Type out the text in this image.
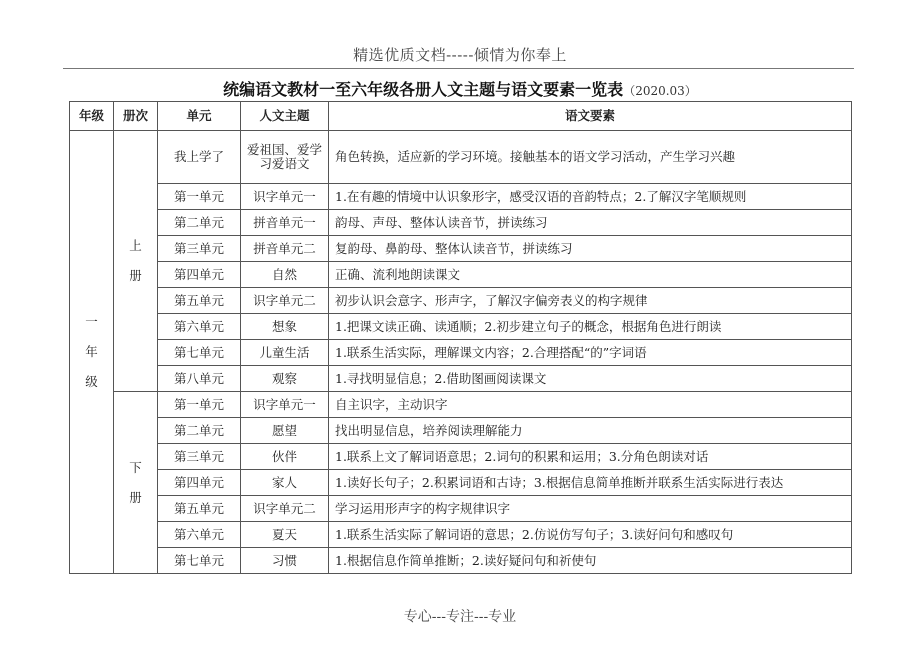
精选优质文档-----倾情为你奉上
统编语文教材一至六年级各册人文主题与语文要素一览表（2020.03）
年级	册次	单元	人文主题	语文要素
一年级	上册	我上学了	爱祖国、爱学习爱语文	角色转换，适应新的学习环境。接触基本的语文学习活动，产生学习兴趣
		第一单元	识字单元一	1.在有趣的情境中认识象形字，感受汉语的音韵特点；2.了解汉字笔顺规则
		第二单元	拼音单元一	韵母、声母、整体认读音节，拼读练习
		第三单元	拼音单元二	复韵母、鼻韵母、整体认读音节，拼读练习
		第四单元	自然	正确、流利地朗读课文
		第五单元	识字单元二	初步认识会意字、形声字，了解汉字偏旁表义的构字规律
		第六单元	想象	1.把课文读正确、读通顺；2.初步建立句子的概念，根据角色进行朗读
		第七单元	儿童生活	1.联系生活实际，理解课文内容；2.合理搭配“的”字词语
		第八单元	观察	1.寻找明显信息；2.借助图画阅读课文
	下册	第一单元	识字单元一	自主识字，主动识字
		第二单元	愿望	找出明显信息，培养阅读理解能力
		第三单元	伙伴	1.联系上文了解词语意思；2.词句的积累和运用；3.分角色朗读对话
		第四单元	家人	1.读好长句子；2.积累词语和古诗；3.根据信息简单推断并联系生活实际进行表达
		第五单元	识字单元二	学习运用形声字的构字规律识字
		第六单元	夏天	1.联系生活实际了解词语的意思；2.仿说仿写句子；3.读好问句和感叹句
		第七单元	习惯	1.根据信息作简单推断；2.读好疑问句和祈使句
专心---专注---专业
